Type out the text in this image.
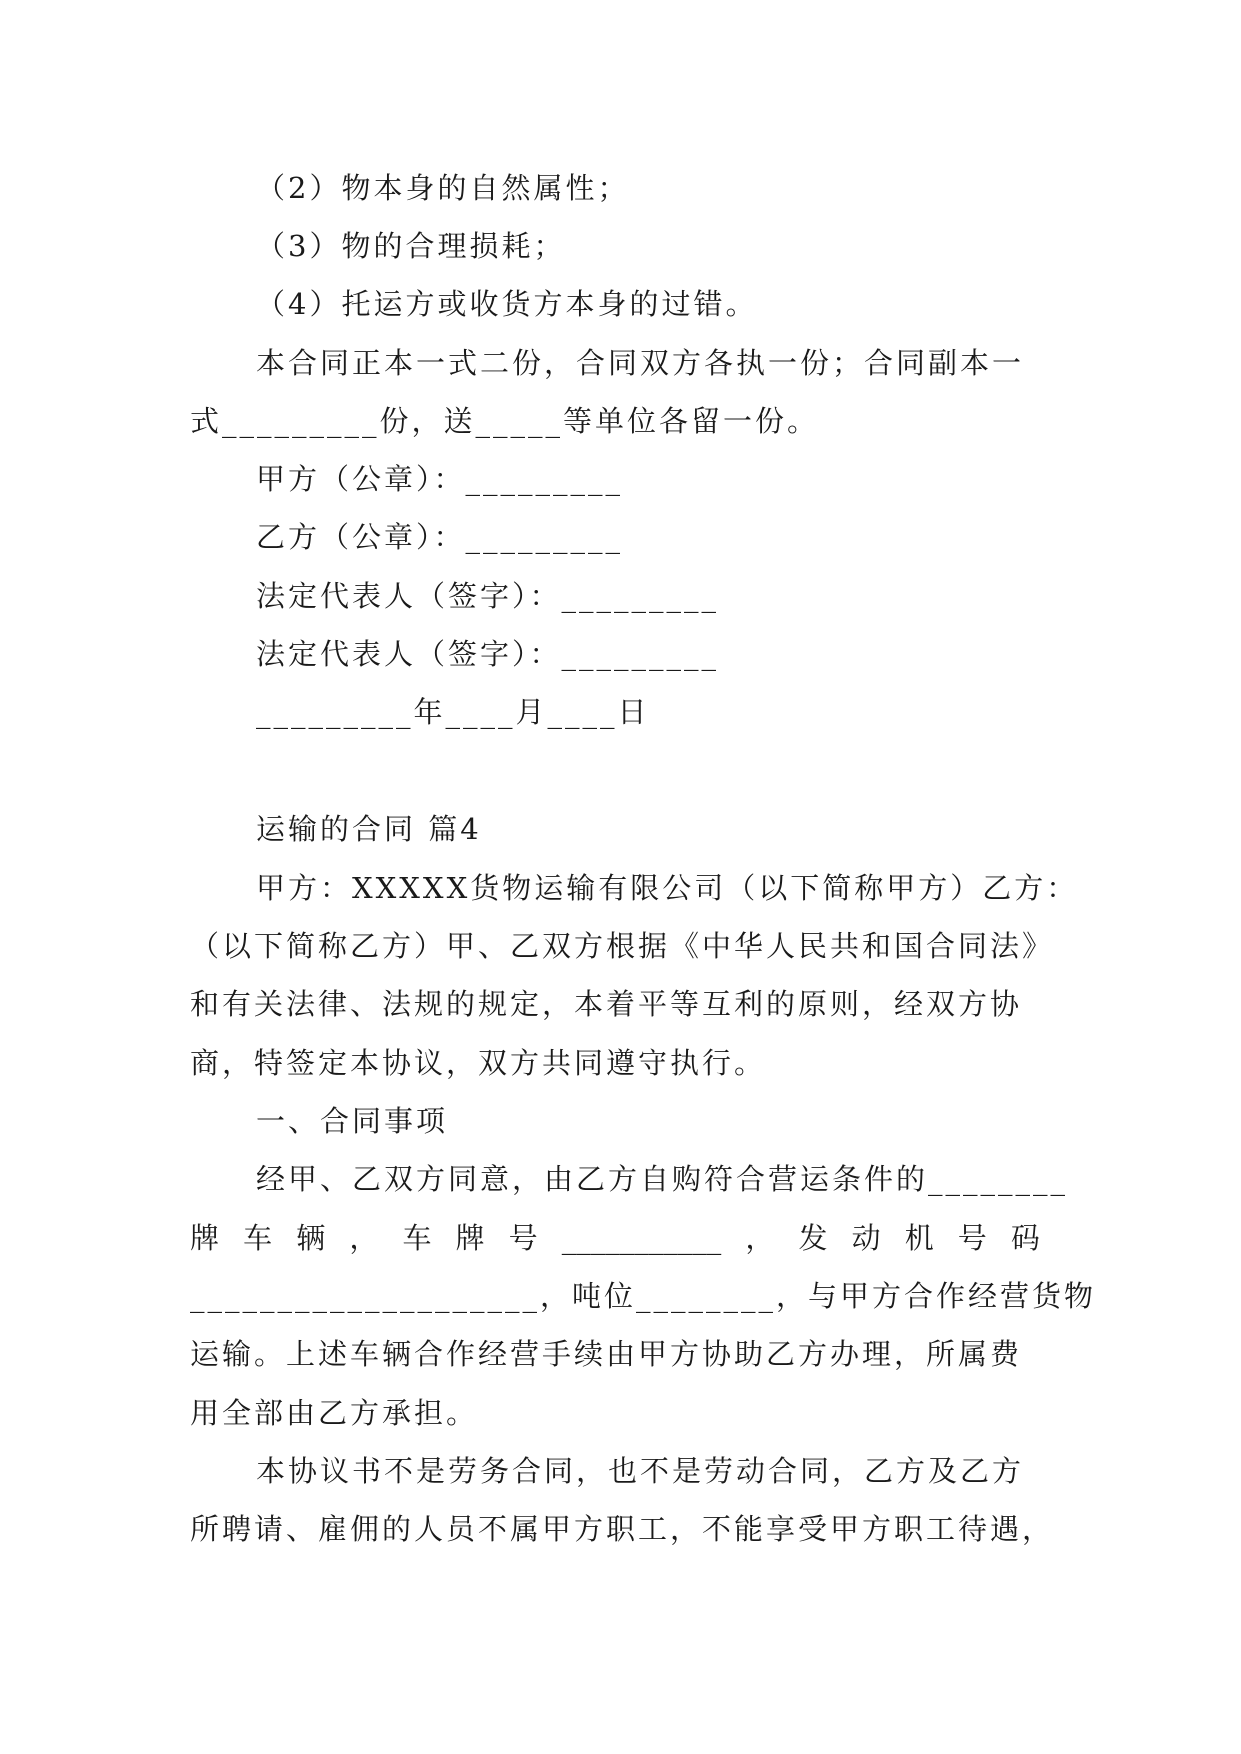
（2）物本身的自然属性；
（3）物的合理损耗；
（4）托运方或收货方本身的过错。
本合同正本一式二份，合同双方各执一份；合同副本一
式_________份，送_____等单位各留一份。
甲方（公章）：_________
乙方（公章）：_________
法定代表人（签字）：_________
法定代表人（签字）：_________
_________年____月____日
运输的合同 篇4
甲方：XXXXX货物运输有限公司（以下简称甲方）乙方：
（以下简称乙方）甲、乙双方根据《中华人民共和国合同法》
和有关法律、法规的规定，本着平等互利的原则，经双方协
商，特签定本协议，双方共同遵守执行。
一、合同事项
经甲、乙双方同意，由乙方自购符合营运条件的________
牌 车 辆 ， 车 牌 号 ___________ ， 发 动 机 号 码
____________________，吨位________，与甲方合作经营货物
运输。上述车辆合作经营手续由甲方协助乙方办理，所属费
用全部由乙方承担。
本协议书不是劳务合同，也不是劳动合同，乙方及乙方
所聘请、雇佣的人员不属甲方职工，不能享受甲方职工待遇，
